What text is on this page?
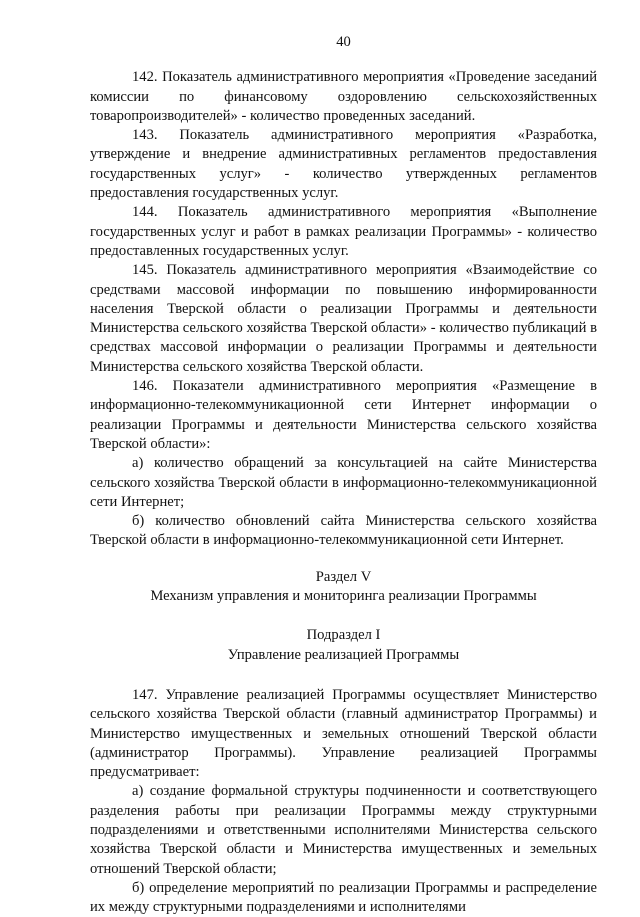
40

142. Показатель административного мероприятия «Проведение заседаний комиссии по финансовому оздоровлению сельскохозяйственных товаропроизводителей» - количество проведенных заседаний.

143. Показатель административного мероприятия «Разработка, утверждение и внедрение административных регламентов предоставления государственных услуг» - количество утвержденных регламентов предоставления государственных услуг.

144. Показатель административного мероприятия «Выполнение государственных услуг и работ в рамках реализации Программы» - количество предоставленных государственных услуг.

145. Показатель административного мероприятия «Взаимодействие со средствами массовой информации по повышению информированности населения Тверской области о реализации Программы и деятельности Министерства сельского хозяйства Тверской области» - количество публикаций в средствах массовой информации о реализации Программы и деятельности Министерства сельского хозяйства Тверской области.

146. Показатели административного мероприятия «Размещение в информационно-телекоммуникационной сети Интернет информации о реализации Программы и деятельности Министерства сельского хозяйства Тверской области»:

а) количество обращений за консультацией на сайте Министерства сельского хозяйства Тверской области в информационно-телекоммуникационной сети Интернет;

б) количество обновлений сайта Министерства сельского хозяйства Тверской области в информационно-телекоммуникационной сети Интернет.

Раздел V

Механизм управления и мониторинга реализации Программы

Подраздел I

Управление реализацией Программы

147. Управление реализацией Программы осуществляет Министерство сельского хозяйства Тверской области (главный администратор Программы) и Министерство имущественных и земельных отношений Тверской области (администратор Программы). Управление реализацией Программы предусматривает:

а) создание формальной структуры подчиненности и соответствующего разделения работы при реализации Программы между структурными подразделениями и ответственными исполнителями Министерства сельского хозяйства Тверской области и Министерства имущественных и земельных отношений Тверской области;

б) определение мероприятий по реализации Программы и распределение их между структурными подразделениями и исполнителями
